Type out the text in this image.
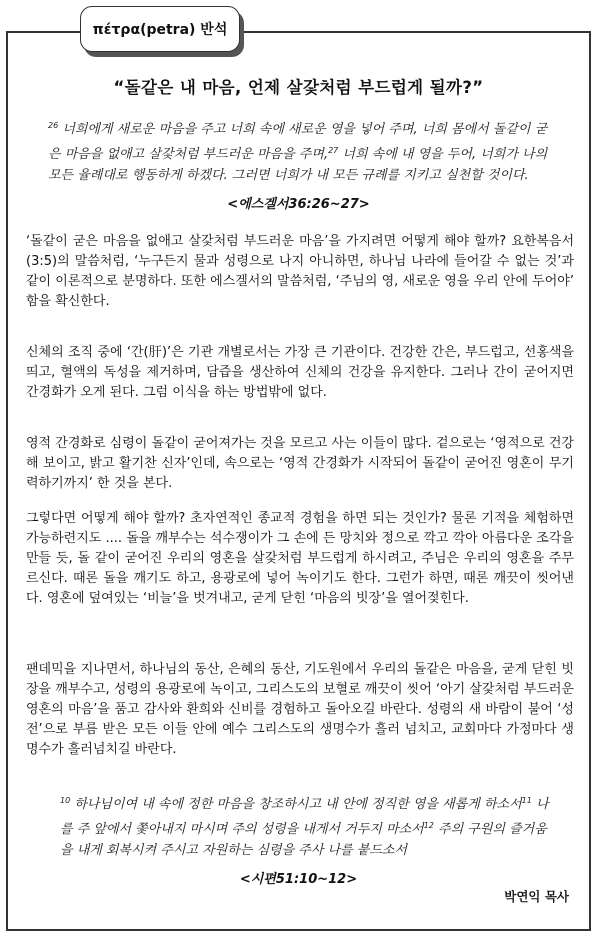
πέτρα(petra) 반석
“돌같은 내 마음, 언제 살갗처럼 부드럽게 될까?”
$^{26}$ 너희에게 새로운 마음을 주고 너희 속에 새로운 영을 넣어 주며, 너희 몸에서 돌같이 굳은 마음을 없애고 살갗처럼 부드러운 마음을 주며,$^{27}$ 너희 속에 내 영을 두어, 너희가 나의 모든 율례대로 행동하게 하겠다. 그러면 너희가 내 모든 규례를 지키고 실천할 것이다.
<에스겔서36:26~27>
‘돌같이 굳은 마음을 없애고 살갗처럼 부드러운 마음’을 가지려면 어떻게 해야 할까? 요한복음서(3:5)의 말씀처럼, ‘누구든지 물과 성령으로 나지 아니하면, 하나님 나라에 들어갈 수 없는 것’과 같이 이론적으로 분명하다. 또한 에스겔서의 말씀처럼, ‘주님의 영, 새로운 영을 우리 안에 두어야’ 함을 확신한다.
신체의 조직 중에 ‘간(肝)’은 기관 개별로서는 가장 큰 기관이다. 건강한 간은, 부드럽고, 선홍색을 띄고, 혈액의 독성을 제거하며, 담즙을 생산하여 신체의 건강을 유지한다. 그러나 간이 굳어지면 간경화가 오게 된다. 그럼 이식을 하는 방법밖에 없다.
영적 간경화로 심령이 돌같이 굳어져가는 것을 모르고 사는 이들이 많다. 겉으로는 ‘영적으로 건강해 보이고, 밝고 활기찬 신자’인데, 속으로는 ‘영적 간경화가 시작되어 돌같이 굳어진 영혼이 무기력하기까지’ 한 것을 본다.
그렇다면 어떻게 해야 할까? 초자연적인 종교적 경험을 하면 되는 것인가? 물론 기적을 체험하면 가능하련지도 .... 돌을 깨부수는 석수쟁이가 그 손에 든 망치와 정으로 깍고 깍아 아름다운 조각을 만들 듯, 돌 같이 굳어진 우리의 영혼을 살갗처럼 부드럽게 하시려고, 주님은 우리의 영혼을 주무르신다. 때론 돌을 깨기도 하고, 용광로에 넣어 녹이기도 한다. 그런가 하면, 때론 깨끗이 씻어낸다. 영혼에 덮여있는 ‘비늘’을 벗겨내고, 굳게 닫힌 ‘마음의 빗장’을 열어젖힌다.
팬데믹을 지나면서, 하나님의 동산, 은혜의 동산, 기도원에서 우리의 돌같은 마음을, 굳게 닫힌 빗장을 깨부수고, 성령의 용광로에 녹이고, 그리스도의 보혈로 깨끗이 씻어 ‘아기 살갗처럼 부드러운 영혼의 마음’을 품고 감사와 환희와 신비를 경험하고 돌아오길 바란다. 성령의 새 바람이 불어 ‘성전’으로 부름 받은 모든 이들 안에 예수 그리스도의 생명수가 흘러 넘치고, 교회마다 가정마다 생명수가 흘러넘치길 바란다.
$^{10}$ 하나님이여 내 속에 정한 마음을 창조하시고 내 안에 정직한 영을 새롭게 하소서$^{11}$ 나를 주 앞에서 쫓아내지 마시며 주의 성령을 내게서 거두지 마소서$^{12}$ 주의 구원의 즐거움을 내게 회복시켜 주시고 자원하는 심령을 주사 나를 붙드소서
<시편51:10~12>
박연익 목사
